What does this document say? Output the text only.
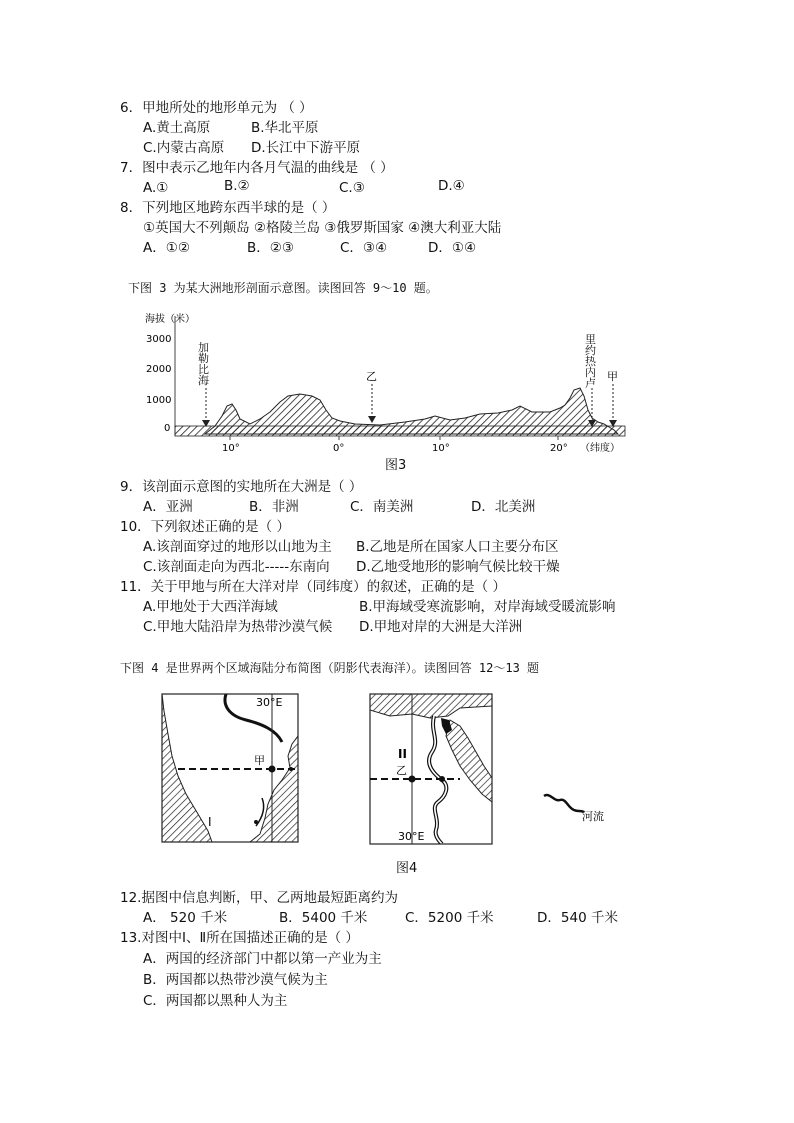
6．甲地所处的地形单元为 （ ）
A.黄土高原	B.华北平原
C.内蒙古高原 D.长江中下游平原
7．图中表示乙地年内各月气温的曲线是 （ ）
A.①	B.②	C.③	D.④
8．下列地区地跨东西半球的是（ ）
①英国大不列颠岛 ②格陵兰岛 ③俄罗斯国家 ④澳大利亚大陆
A．①②	B．②③	C．③④	D．①④
下图 3 为某大洲地形剖面示意图。读图回答 9～10 题。
海拔（米）
3000
2000
1000
0
10°	0°	10°	20° （纬度）
加勒比海	乙
里约热内卢
甲
图3
9．该剖面示意图的实地所在大洲是（ ）
A．亚洲	B．非洲	C．南美洲	D．北美洲
10．下列叙述正确的是（ ）
A.该剖面穿过的地形以山地为主 B.乙地是所在国家人口主要分布区
C.该剖面走向为西北-----东南向 D.乙地受地形的影响气候比较干燥
11．关于甲地与所在大洋对岸（同纬度）的叙述，正确的是（ ）
A.甲地处于大西洋海域	B.甲海域受寒流影响，对岸海域受暖流影响
C.甲地大陆沿岸为热带沙漠气候 D.甲地对岸的大洲是大洋洲
下图 4 是世界两个区域海陆分布简图（阴影代表海洋）。读图回答 12～13 题
甲
30°E
I
II
乙
30°E
河流
图4
12.据图中信息判断，甲、乙两地最短距离约为
A． 520 千米	B．5400 千米	C．5200 千米	D．540 千米
13.对图中Ⅰ、Ⅱ所在国描述正确的是（ ）
A．两国的经济部门中都以第一产业为主
B．两国都以热带沙漠气候为主
C．两国都以黑种人为主
